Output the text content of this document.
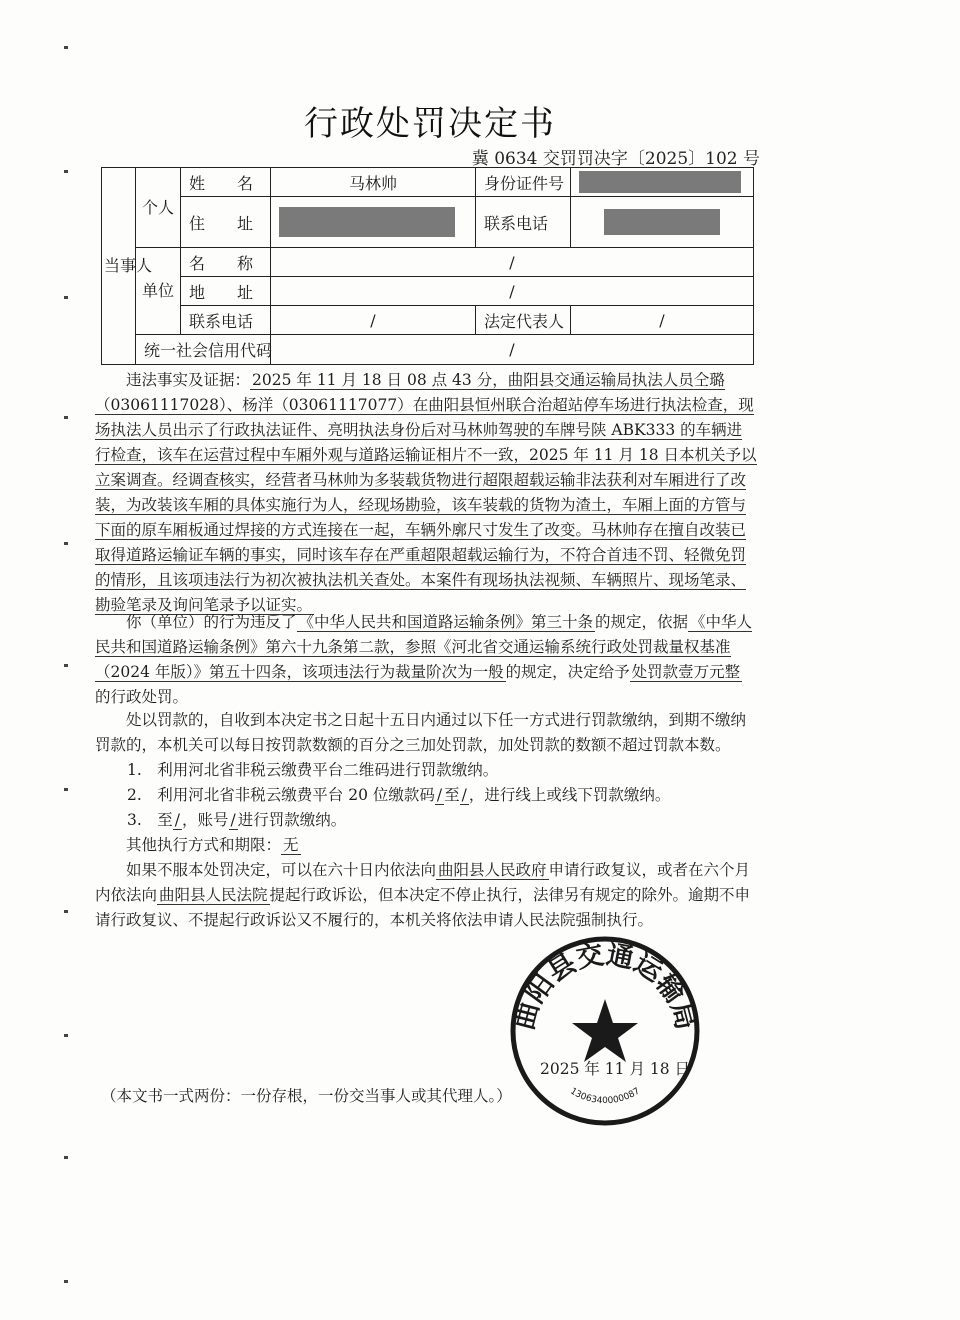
行政处罚决定书
冀 0634 交罚罚决字〔2025〕102 号
当事人	个人	姓　　名	马林帅	身份证件号	
		住　　址		联系电话	
	单位	名　　称	/		
		地　　址	/		
		联系电话	/	法定代表人	/
	统一社会信用代码		/		

违法事实及证据： 2025 年 11 月 18 日 08 点 43 分，曲阳县交通运输局执法人员仝璐（03061117028）、杨洋（03061117077）在曲阳县恒州联合治超站停车场进行执法检查，现场执法人员出示了行政执法证件、亮明执法身份后对马林帅驾驶的车牌号陕 ABK333 的车辆进行检查，该车在运营过程中车厢外观与道路运输证相片不一致，2025 年 11 月 18 日本机关予以立案调查。经调查核实，经营者马林帅为多装载货物进行超限超载运输非法获利对车厢进行了改装，为改装该车厢的具体实施行为人，经现场勘验，该车装载的货物为渣土，车厢上面的方管与下面的原车厢板通过焊接的方式连接在一起，车辆外廓尺寸发生了改变。马林帅存在擅自改装已取得道路运输证车辆的事实，同时该车存在严重超限超载运输行为，不符合首违不罚、轻微免罚的情形，且该项违法行为初次被执法机关查处。本案件有现场执法视频、车辆照片、现场笔录、勘验笔录及询问笔录予以证实。

你（单位）的行为违反了 《中华人民共和国道路运输条例》第三十条 的规定，依据 《中华人民共和国道路运输条例》第六十九条第二款，参照《河北省交通运输系统行政处罚裁量权基准（2024 年版）》第五十四条，该项违法行为裁量阶次为一般 的规定，决定给予 处罚款壹万元整的行政处罚。

处以罚款的，自收到本决定书之日起十五日内通过以下任一方式进行罚款缴纳，到期不缴纳罚款的，本机关可以每日按罚款数额的百分之三加处罚款，加处罚款的数额不超过罚款本数。

1.　利用河北省非税云缴费平台二维码进行罚款缴纳。

2.　利用河北省非税云缴费平台 20 位缴款码 / 至 / ，进行线上或线下罚款缴纳。

3.　至 / ，账号 / 进行罚款缴纳。

其他执行方式和期限： 无

如果不服本处罚决定，可以在六十日内依法向 曲阳县人民政府 申请行政复议，或者在六个月内依法向 曲阳县人民法院 提起行政诉讼，但本决定不停止执行，法律另有规定的除外。逾期不申请行政复议、不提起行政诉讼又不履行的，本机关将依法申请人民法院强制执行。

2025 年 11 月 18 日
曲阳县交通运输局
1306340000087
（本文书一式两份：一份存根，一份交当事人或其代理人。）
